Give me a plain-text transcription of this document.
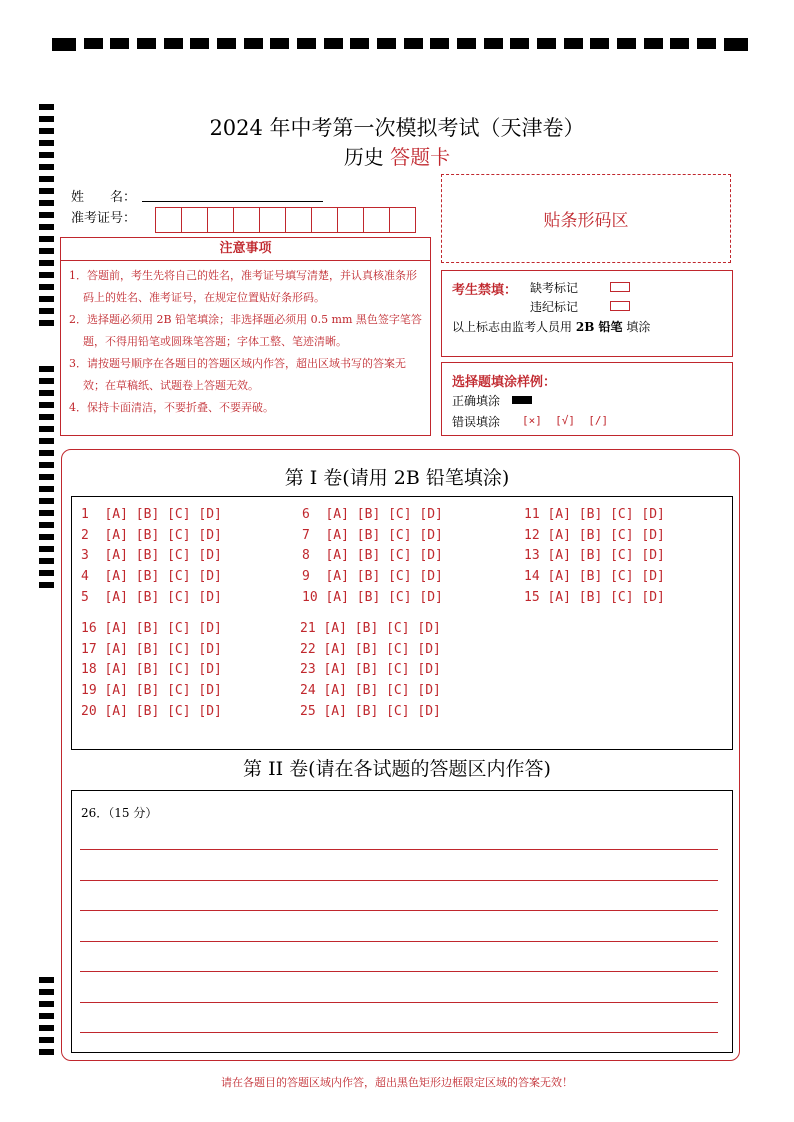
2024 年中考第一次模拟考试（天津卷）
历史 答题卡
姓　　名：
准考证号：	贴条形码区
注意事项
1．答题前，考生先将自己的姓名，准考证号填写清楚，并认真核准条形码上的姓名、准考证号，在规定位置贴好条形码。
2．选择题必须用 2B 铅笔填涂；非选择题必须用 0.5 mm 黑色签字笔答题，不得用铅笔或圆珠笔答题；字体工整、笔迹清晰。
3．请按题号顺序在各题目的答题区域内作答，超出区域书写的答案无效；在草稿纸、试题卷上答题无效。
4．保持卡面清洁，不要折叠、不要弄破。
考生禁填： 缺考标记
违纪标记
以上标志由监考人员用 2B 铅笔 填涂
选择题填涂样例：
正确填涂
错误填涂 [×]  [√]  [/]
第 I 卷(请用 2B 铅笔填涂)
1  [A] [B] [C] [D]
2  [A] [B] [C] [D]
3  [A] [B] [C] [D]
4  [A] [B] [C] [D]
5  [A] [B] [C] [D]
6  [A] [B] [C] [D]
7  [A] [B] [C] [D]
8  [A] [B] [C] [D]
9  [A] [B] [C] [D]
10 [A] [B] [C] [D]
11 [A] [B] [C] [D]
12 [A] [B] [C] [D]
13 [A] [B] [C] [D]
14 [A] [B] [C] [D]
15 [A] [B] [C] [D]
16 [A] [B] [C] [D]
17 [A] [B] [C] [D]
18 [A] [B] [C] [D]
19 [A] [B] [C] [D]
20 [A] [B] [C] [D]
21 [A] [B] [C] [D]
22 [A] [B] [C] [D]
23 [A] [B] [C] [D]
24 [A] [B] [C] [D]
25 [A] [B] [C] [D]
第 II 卷(请在各试题的答题区内作答)
26．（15 分）
请在各题目的答题区域内作答，超出黑色矩形边框限定区域的答案无效！
